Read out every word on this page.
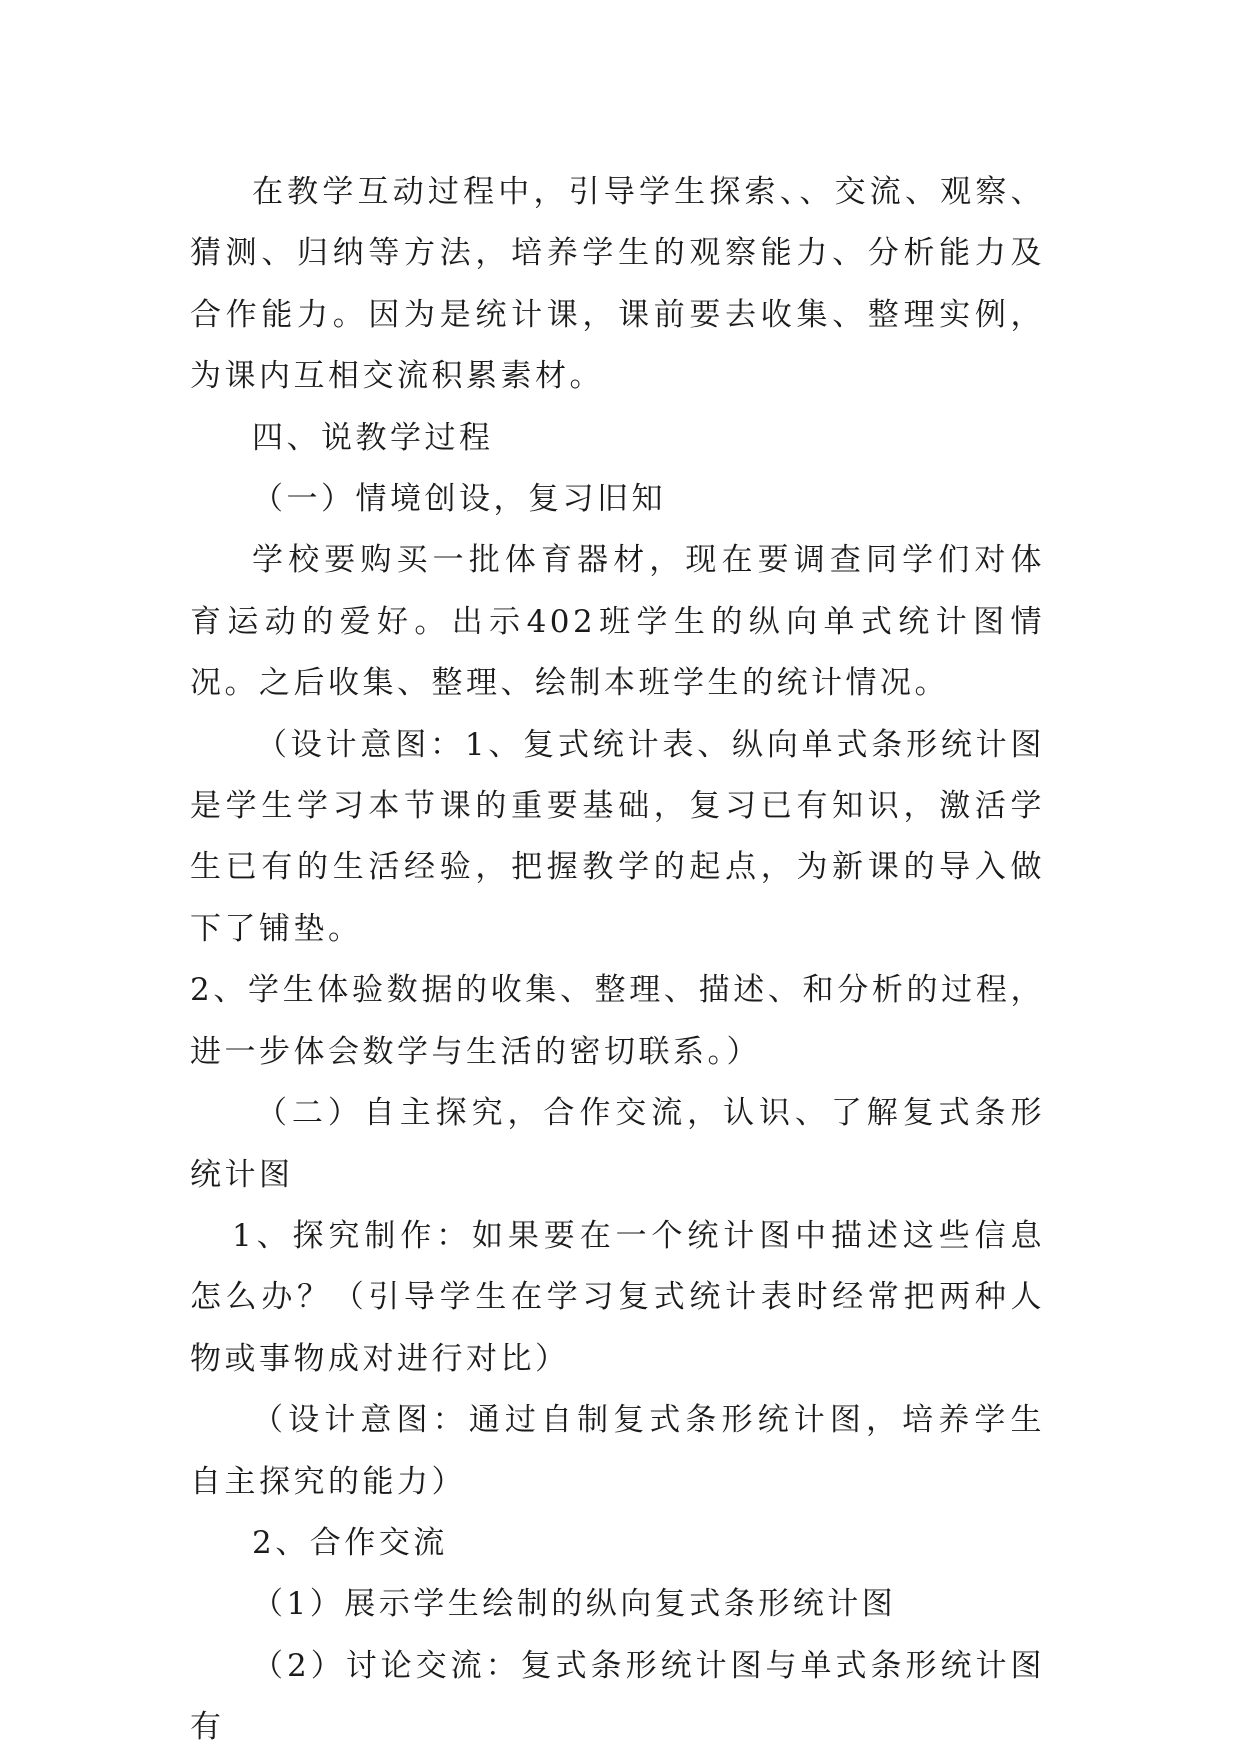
在教学互动过程中，引导学生探索、、交流、观察、猜测、归纳等方法，培养学生的观察能力、分析能力及合作能力。因为是统计课，课前要去收集、整理实例，为课内互相交流积累素材。

四、说教学过程

（一）情境创设，复习旧知

学校要购买一批体育器材，现在要调查同学们对体育运动的爱好。出示402班学生的纵向单式统计图情况。之后收集、整理、绘制本班学生的统计情况。

（设计意图：1、复式统计表、纵向单式条形统计图是学生学习本节课的重要基础，复习已有知识，激活学生已有的生活经验，把握教学的起点，为新课的导入做下了铺垫。

2、学生体验数据的收集、整理、描述、和分析的过程，进一步体会数学与生活的密切联系。）

（二）自主探究，合作交流，认识、了解复式条形统计图

1、探究制作：如果要在一个统计图中描述这些信息怎么办？（引导学生在学习复式统计表时经常把两种人物或事物成对进行对比）

（设计意图：通过自制复式条形统计图，培养学生自主探究的能力）

2、合作交流

（1）展示学生绘制的纵向复式条形统计图

（2）讨论交流：复式条形统计图与单式条形统计图有
